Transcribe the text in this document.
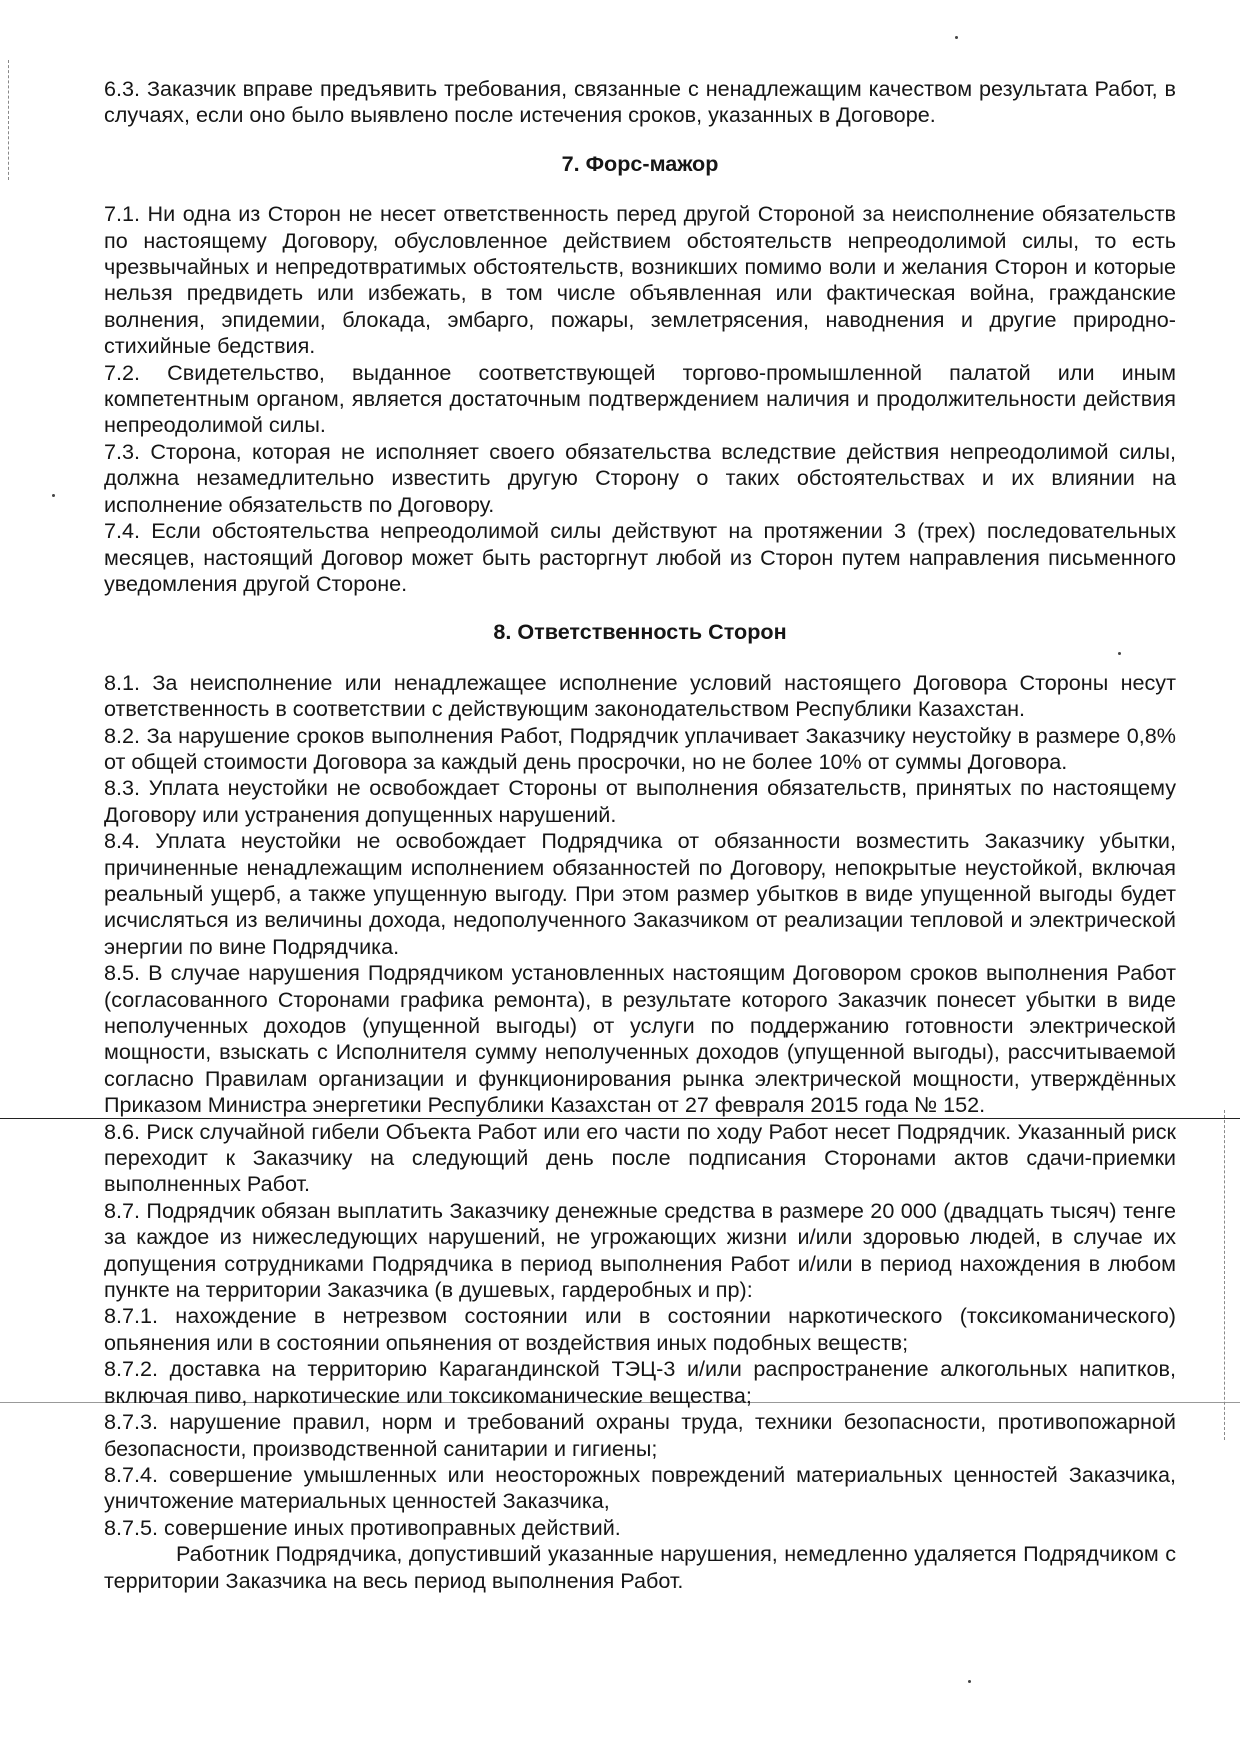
6.3. Заказчик вправе предъявить требования, связанные с ненадлежащим качеством результата Работ, в случаях, если оно было выявлено после истечения сроков, указанных в Договоре.

7. Форс-мажор

7.1. Ни одна из Сторон не несет ответственность перед другой Стороной за неисполнение обязательств по настоящему Договору, обусловленное действием обстоятельств непреодолимой силы, то есть чрезвычайных и непредотвратимых обстоятельств, возникших помимо воли и желания Сторон и которые нельзя предвидеть или избежать, в том числе объявленная или фактическая война, гражданские волнения, эпидемии, блокада, эмбарго, пожары, землетрясения, наводнения и другие природно-стихийные бедствия.

7.2. Свидетельство, выданное соответствующей торгово-промышленной палатой или иным компетентным органом, является достаточным подтверждением наличия и продолжительности действия непреодолимой силы.

7.3. Сторона, которая не исполняет своего обязательства вследствие действия непреодолимой силы, должна незамедлительно известить другую Сторону о таких обстоятельствах и их влиянии на исполнение обязательств по Договору.

7.4. Если обстоятельства непреодолимой силы действуют на протяжении 3 (трех) последовательных месяцев, настоящий Договор может быть расторгнут любой из Сторон путем направления письменного уведомления другой Стороне.

8. Ответственность Сторон

8.1. За неисполнение или ненадлежащее исполнение условий настоящего Договора Стороны несут ответственность в соответствии с действующим законодательством Республики Казахстан.

8.2. За нарушение сроков выполнения Работ, Подрядчик уплачивает Заказчику неустойку в размере 0,8% от общей стоимости Договора за каждый день просрочки, но не более 10% от суммы Договора.

8.3. Уплата неустойки не освобождает Стороны от выполнения обязательств, принятых по настоящему Договору или устранения допущенных нарушений.

8.4. Уплата неустойки не освобождает Подрядчика от обязанности возместить Заказчику убытки, причиненные ненадлежащим исполнением обязанностей по Договору, непокрытые неустойкой, включая реальный ущерб, а также упущенную выгоду. При этом размер убытков в виде упущенной выгоды будет исчисляться из величины дохода, недополученного Заказчиком от реализации тепловой и электрической энергии по вине Подрядчика.

8.5. В случае нарушения Подрядчиком установленных настоящим Договором сроков выполнения Работ (согласованного Сторонами графика ремонта), в результате которого Заказчик понесет убытки в виде неполученных доходов (упущенной выгоды) от услуги по поддержанию готовности электрической мощности, взыскать с Исполнителя сумму неполученных доходов (упущенной выгоды), рассчитываемой согласно Правилам организации и функционирования рынка электрической мощности, утверждённых Приказом Министра энергетики Республики Казахстан от 27 февраля 2015 года № 152.

8.6. Риск случайной гибели Объекта Работ или его части по ходу Работ несет Подрядчик. Указанный риск переходит к Заказчику на следующий день после подписания Сторонами актов сдачи-приемки выполненных Работ.

8.7. Подрядчик обязан выплатить Заказчику денежные средства в размере 20 000 (двадцать тысяч) тенге за каждое из нижеследующих нарушений, не угрожающих жизни и/или здоровью людей, в случае их допущения сотрудниками Подрядчика в период выполнения Работ и/или в период нахождения в любом пункте на территории Заказчика (в душевых, гардеробных и пр):

8.7.1. нахождение в нетрезвом состоянии или в состоянии наркотического (токсикоманического) опьянения или в состоянии опьянения от воздействия иных подобных веществ;

8.7.2. доставка на территорию Карагандинской ТЭЦ-3 и/или распространение алкогольных напитков, включая пиво, наркотические или токсикоманические вещества;

8.7.3. нарушение правил, норм и требований охраны труда, техники безопасности, противопожарной безопасности, производственной санитарии и гигиены;

8.7.4. совершение умышленных или неосторожных повреждений материальных ценностей Заказчика, уничтожение материальных ценностей Заказчика,

8.7.5. совершение иных противоправных действий.

Работник Подрядчика, допустивший указанные нарушения, немедленно удаляется Подрядчиком с территории Заказчика на весь период выполнения Работ.
